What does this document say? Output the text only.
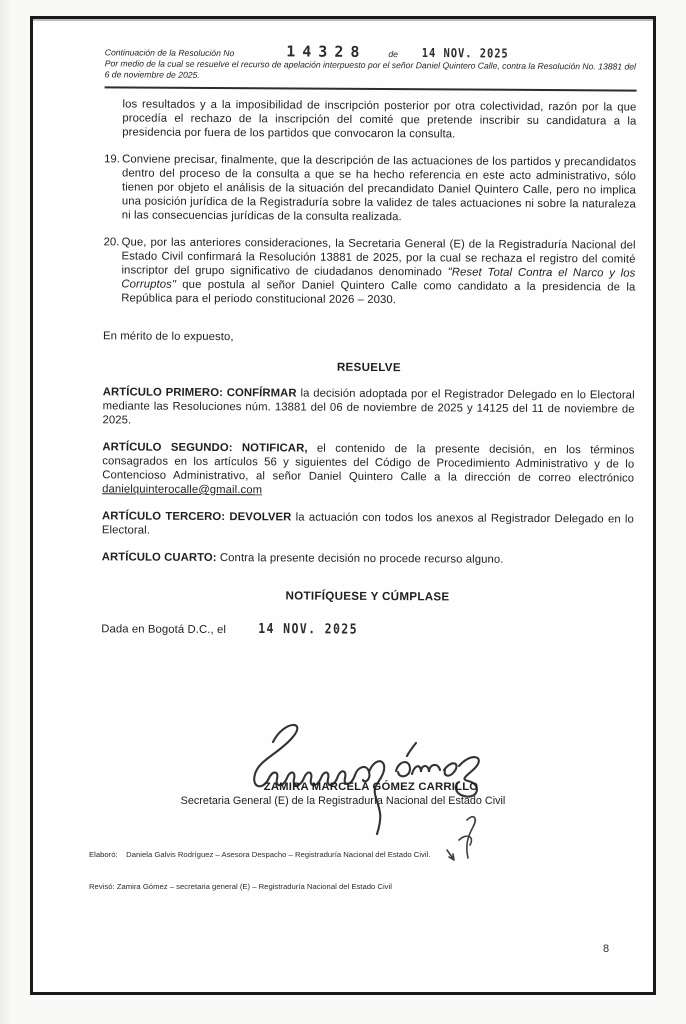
Continuación de la Resolución No	14328	de 14 NOV. 2025
Por medio de la cual se resuelve el recurso de apelación interpuesto por el señor Daniel Quintero Calle, contra la Resolución No. 13881 del 6 de noviembre de 2025.

los resultados y a la imposibilidad de inscripción posterior por otra colectividad, razón por la que procedía el rechazo de la inscripción del comité que pretende inscribir su candidatura a la presidencia por fuera de los partidos que convocaron la consulta.

19. Conviene precisar, finalmente, que la descripción de las actuaciones de los partidos y precandidatos dentro del proceso de la consulta a que se ha hecho referencia en este acto administrativo, sólo tienen por objeto el análisis de la situación del precandidato Daniel Quintero Calle, pero no implica una posición jurídica de la Registraduría sobre la validez de tales actuaciones ni sobre la naturaleza ni las consecuencias jurídicas de la consulta realizada.

20. Que, por las anteriores consideraciones, la Secretaria General (E) de la Registraduría Nacional del Estado Civil confirmará la Resolución 13881 de 2025, por la cual se rechaza el registro del comité inscriptor del grupo significativo de ciudadanos denominado "Reset Total Contra el Narco y los Corruptos" que postula al señor Daniel Quintero Calle como candidato a la presidencia de la República para el periodo constitucional 2026 – 2030.

En mérito de lo expuesto,

RESUELVE

ARTÍCULO PRIMERO: CONFÍRMAR la decisión adoptada por el Registrador Delegado en lo Electoral mediante las Resoluciones núm. 13881 del 06 de noviembre de 2025 y 14125 del 11 de noviembre de 2025.

ARTÍCULO SEGUNDO: NOTIFICAR, el contenido de la presente decisión, en los términos consagrados en los artículos 56 y siguientes del Código de Procedimiento Administrativo y de lo Contencioso Administrativo, al señor Daniel Quintero Calle a la dirección de correo electrónico danielquinterocalle@gmail.com

ARTÍCULO TERCERO: DEVOLVER la actuación con todos los anexos al Registrador Delegado en lo Electoral.

ARTÍCULO CUARTO: Contra la presente decisión no procede recurso alguno.

NOTIFÍQUESE Y CÚMPLASE
Dada en Bogotá D.C., el	14 NOV. 2025
ZAMIRA MARCELA GÓMEZ CARRILLO
Secretaria General (E) de la Registraduría Nacional del Estado Civil

Elaboró:    Daniela Galvis Rodríguez – Asesora Despacho – Registraduría Nacional del Estado Civil.

Revisó: Zamira Gómez – secretaria general (E) – Registraduría Nacional del Estado Civil

8
